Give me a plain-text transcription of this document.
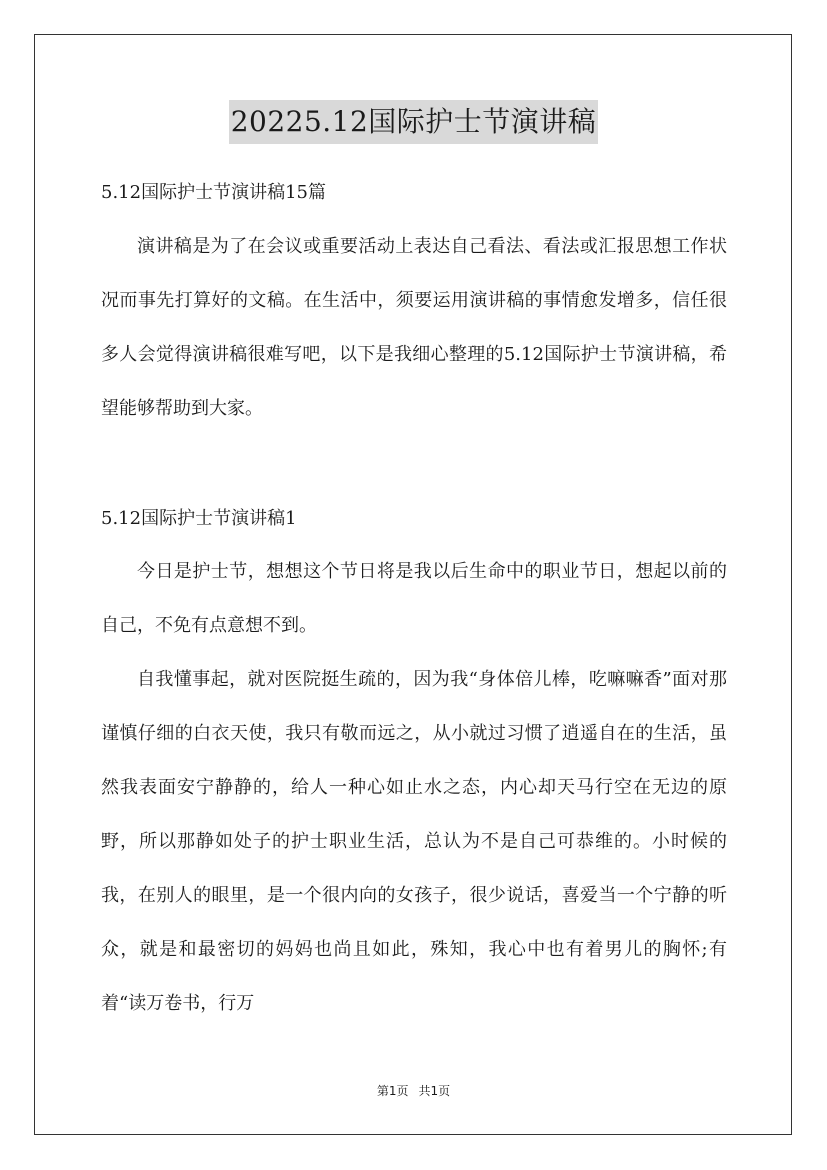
20225.12国际护士节演讲稿

5.12国际护士节演讲稿15篇

演讲稿是为了在会议或重要活动上表达自己看法、看法或汇报思想工作状况而事先打算好的文稿。在生活中，须要运用演讲稿的事情愈发增多，信任很多人会觉得演讲稿很难写吧，以下是我细心整理的5.12国际护士节演讲稿，希望能够帮助到大家。

5.12国际护士节演讲稿1

今日是护士节，想想这个节日将是我以后生命中的职业节日，想起以前的自己，不免有点意想不到。

自我懂事起，就对医院挺生疏的，因为我“身体倍儿棒，吃嘛嘛香”面对那谨慎仔细的白衣天使，我只有敬而远之，从小就过习惯了逍遥自在的生活，虽然我表面安宁静静的，给人一种心如止水之态，内心却天马行空在无边的原野，所以那静如处子的护士职业生活，总认为不是自己可恭维的。小时候的我，在别人的眼里，是一个很内向的女孩子，很少说话，喜爱当一个宁静的听众，就是和最密切的妈妈也尚且如此，殊知，我心中也有着男儿的胸怀;有着“读万卷书，行万

第1页 共1页
